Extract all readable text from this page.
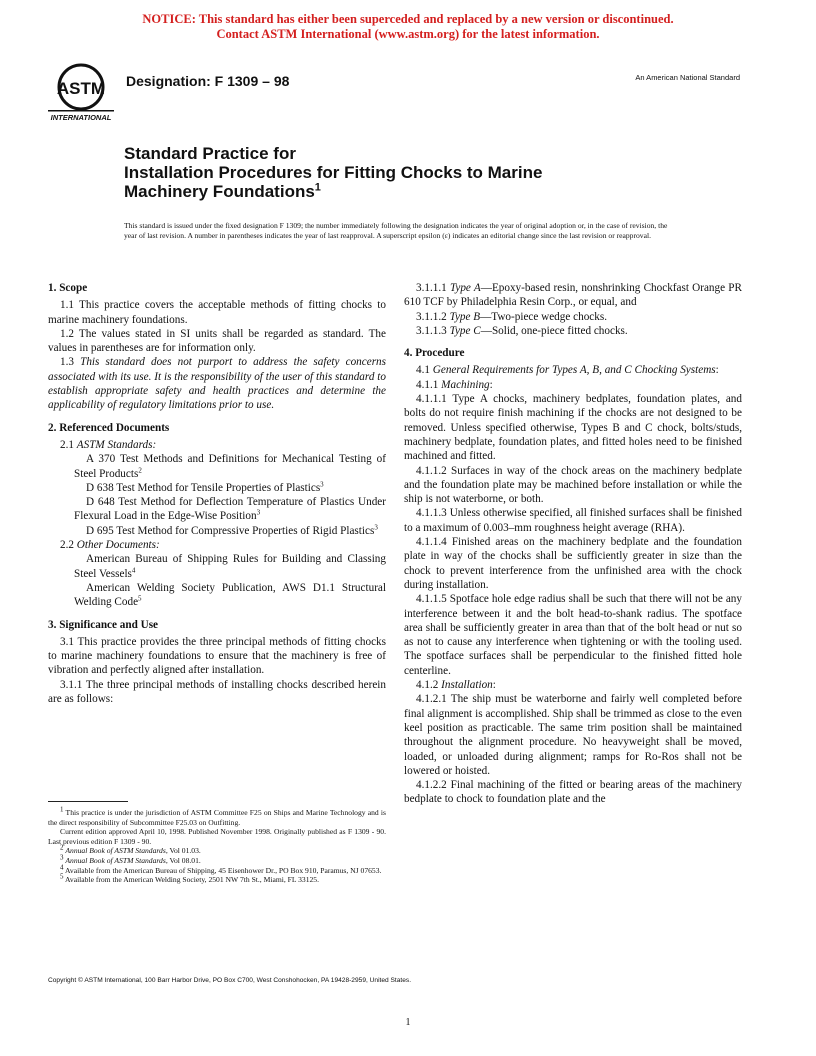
NOTICE: This standard has either been superceded and replaced by a new version or discontinued.
Contact ASTM International (www.astm.org) for the latest information.
ASTM
INTERNATIONAL
Designation: F 1309 – 98	An American National Standard
Standard Practice for
Installation Procedures for Fitting Chocks to Marine
Machinery Foundations$^1$
This standard is issued under the fixed designation F 1309; the number immediately following the designation indicates the year of original adoption or, in the case of revision, the year of last revision. A number in parentheses indicates the year of last reapproval. A superscript epsilon (ε) indicates an editorial change since the last revision or reapproval.
1. Scope

1.1 This practice covers the acceptable methods of fitting chocks to marine machinery foundations.

1.2 The values stated in SI units shall be regarded as standard. The values in parentheses are for information only.

1.3 This standard does not purport to address the safety concerns associated with its use. It is the responsibility of the user of this standard to establish appropriate safety and health practices and determine the applicability of regulatory limitations prior to use.

2. Referenced Documents

2.1 ASTM Standards:

A 370 Test Methods and Definitions for Mechanical Testing of Steel Products$^2$

D 638 Test Method for Tensile Properties of Plastics$^3$

D 648 Test Method for Deflection Temperature of Plastics Under Flexural Load in the Edge-Wise Position$^3$

D 695 Test Method for Compressive Properties of Rigid Plastics$^3$

2.2 Other Documents:

American Bureau of Shipping Rules for Building and Classing Steel Vessels$^4$

American Welding Society Publication, AWS D1.1 Structural Welding Code$^5$

3. Significance and Use

3.1 This practice provides the three principal methods of fitting chocks to marine machinery foundations to ensure that the machinery is free of vibration and perfectly aligned after installation.

3.1.1 The three principal methods of installing chocks described herein are as follows:

$^1$ This practice is under the jurisdiction of ASTM Committee F25 on Ships and Marine Technology and is the direct responsibility of Subcommittee F25.03 on Outfitting.

Current edition approved April 10, 1998. Published November 1998. Originally published as F 1309 - 90. Last previous edition F 1309 - 90.

$^2$ Annual Book of ASTM Standards, Vol 01.03.

$^3$ Annual Book of ASTM Standards, Vol 08.01.

$^4$ Available from the American Bureau of Shipping, 45 Eisenhower Dr., PO Box 910, Paramus, NJ 07653.

$^5$ Available from the American Welding Society, 2501 NW 7th St., Miami, FL 33125.

3.1.1.1 Type A—Epoxy-based resin, nonshrinking Chockfast Orange PR 610 TCF by Philadelphia Resin Corp., or equal, and

3.1.1.2 Type B—Two-piece wedge chocks.

3.1.1.3 Type C—Solid, one-piece fitted chocks.

4. Procedure

4.1 General Requirements for Types A, B, and C Chocking Systems:

4.1.1 Machining:

4.1.1.1 Type A chocks, machinery bedplates, foundation plates, and bolts do not require finish machining if the chocks are not designed to be removed. Unless specified otherwise, Types B and C chock, bolts/studs, machinery bedplate, foundation plates, and fitted holes need to be finished machined and fitted.

4.1.1.2 Surfaces in way of the chock areas on the machinery bedplate and the foundation plate may be machined before installation or while the ship is not waterborne, or both.

4.1.1.3 Unless otherwise specified, all finished surfaces shall be finished to a maximum of 0.003–mm roughness height average (RHA).

4.1.1.4 Finished areas on the machinery bedplate and the foundation plate in way of the chocks shall be sufficiently greater in size than the chock to prevent interference from the unfinished area with the chock during installation.

4.1.1.5 Spotface hole edge radius shall be such that there will not be any interference between it and the bolt head-to-shank radius. The spotface area shall be sufficiently greater in area than that of the bolt head or nut so as not to cause any interference when tightening or with the tooling used. The spotface surfaces shall be perpendicular to the finished fitted hole centerline.

4.1.2 Installation:

4.1.2.1 The ship must be waterborne and fairly well completed before final alignment is accomplished. Ship shall be trimmed as close to the even keel position as practicable. The same trim position shall be maintained throughout the alignment procedure. No heavyweight shall be moved, loaded, or unloaded during alignment; ramps for Ro-Ros shall not be lowered or hoisted.

4.1.2.2 Final machining of the fitted or bearing areas of the machinery bedplate to chock to foundation plate and the

Copyright © ASTM International, 100 Barr Harbor Drive, PO Box C700, West Conshohocken, PA 19428-2959, United States.
1
